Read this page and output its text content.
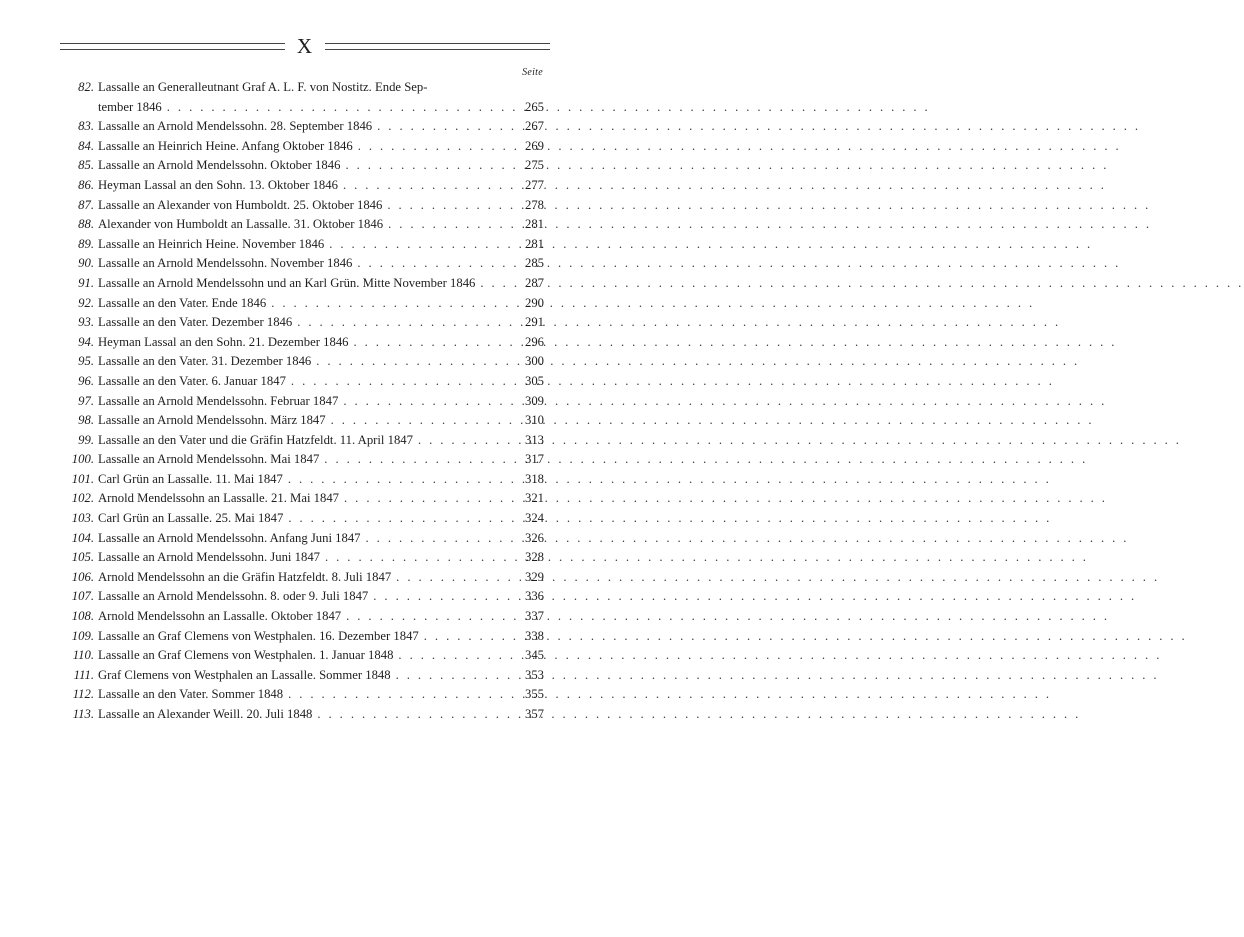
X
Seite
82. Lassalle an Generalleutnant Graf A. L. F. von Nostitz. Ende Sep-
tember 1846 . . .	265
83. Lassalle an Arnold Mendelssohn. 28. September 1846 . . .	267
84. Lassalle an Heinrich Heine. Anfang Oktober 1846 . . .	269
85. Lassalle an Arnold Mendelssohn. Oktober 1846 . . .	275
86. Heyman Lassal an den Sohn. 13. Oktober 1846 . . .	277
87. Lassalle an Alexander von Humboldt. 25. Oktober 1846 . . .	278
88. Alexander von Humboldt an Lassalle. 31. Oktober 1846 . . .	281
89. Lassalle an Heinrich Heine. November 1846 . . .	281
90. Lassalle an Arnold Mendelssohn. November 1846 . . .	285
91. Lassalle an Arnold Mendelssohn und an Karl Grün. Mitte November 1846 . . .	287
92. Lassalle an den Vater. Ende 1846 . . .	290
93. Lassalle an den Vater. Dezember 1846 . . .	291
94. Heyman Lassal an den Sohn. 21. Dezember 1846 . . .	296
95. Lassalle an den Vater. 31. Dezember 1846 . . .	300
96. Lassalle an den Vater. 6. Januar 1847 . . .	305
97. Lassalle an Arnold Mendelssohn. Februar 1847 . . .	309
98. Lassalle an Arnold Mendelssohn. März 1847 . . .	310
99. Lassalle an den Vater und die Gräfin Hatzfeldt. 11. April 1847 . . .	313
100. Lassalle an Arnold Mendelssohn. Mai 1847 . . .	317
101. Carl Grün an Lassalle. 11. Mai 1847 . . .	318
102. Arnold Mendelssohn an Lassalle. 21. Mai 1847 . . .	321
103. Carl Grün an Lassalle. 25. Mai 1847 . . .	324
104. Lassalle an Arnold Mendelssohn. Anfang Juni 1847 . . .	326
105. Lassalle an Arnold Mendelssohn. Juni 1847 . . .	328
106. Arnold Mendelssohn an die Gräfin Hatzfeldt. 8. Juli 1847 . . .	329
107. Lassalle an Arnold Mendelssohn. 8. oder 9. Juli 1847 . . .	336
108. Arnold Mendelssohn an Lassalle. Oktober 1847 . . .	337
109. Lassalle an Graf Clemens von Westphalen. 16. Dezember 1847 . . .	338
110. Lassalle an Graf Clemens von Westphalen. 1. Januar 1848 . . .	345
111. Graf Clemens von Westphalen an Lassalle. Sommer 1848 . . .	353
112. Lassalle an den Vater. Sommer 1848 . . .	355
113. Lassalle an Alexander Weill. 20. Juli 1848 . . .	357
